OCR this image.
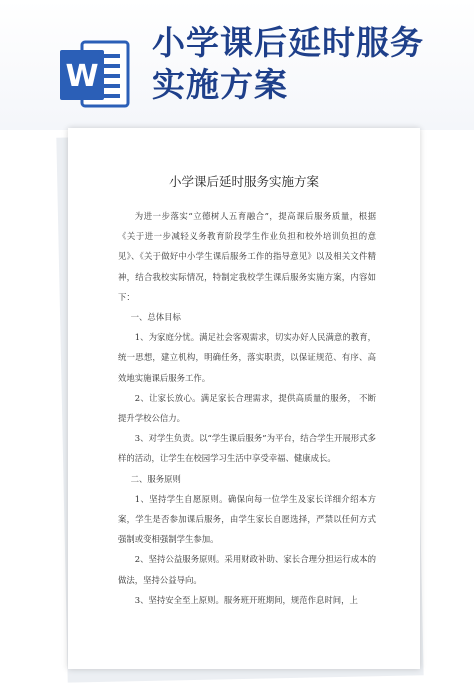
W
小学课后延时服务
实施方案
小学课后延时服务实施方案

为进一步落实“立德树人五育融合”，提高课后服务质量，根据《关于进一步减轻义务教育阶段学生作业负担和校外培训负担的意见》、《关于做好中小学生课后服务工作的指导意见》以及相关文件精神，结合我校实际情况，特制定我校学生课后服务实施方案，内容如下：

一、总体目标

1、为家庭分忧。满足社会客观需求，切实办好人民满意的教育，统一思想，建立机构，明确任务，落实职责，以保证规范、有序、高效地实施课后服务工作。

2、让家长放心。满足家长合理需求，提供高质量的服务， 不断提升学校公信力。

3、对学生负责。以“学生课后服务”为平台，结合学生开展形式多样的活动，让学生在校园学习生活中享受幸福、健康成长。

二、服务原则

1、坚持学生自愿原则。确保向每一位学生及家长详细介绍本方案，学生是否参加课后服务，由学生家长自愿选择，严禁以任何方式强制或变相强制学生参加。

2、坚持公益服务原则。采用财政补助、家长合理分担运行成本的做法，坚持公益导向。

3、坚持安全至上原则。服务班开班期间，规范作息时间，上
